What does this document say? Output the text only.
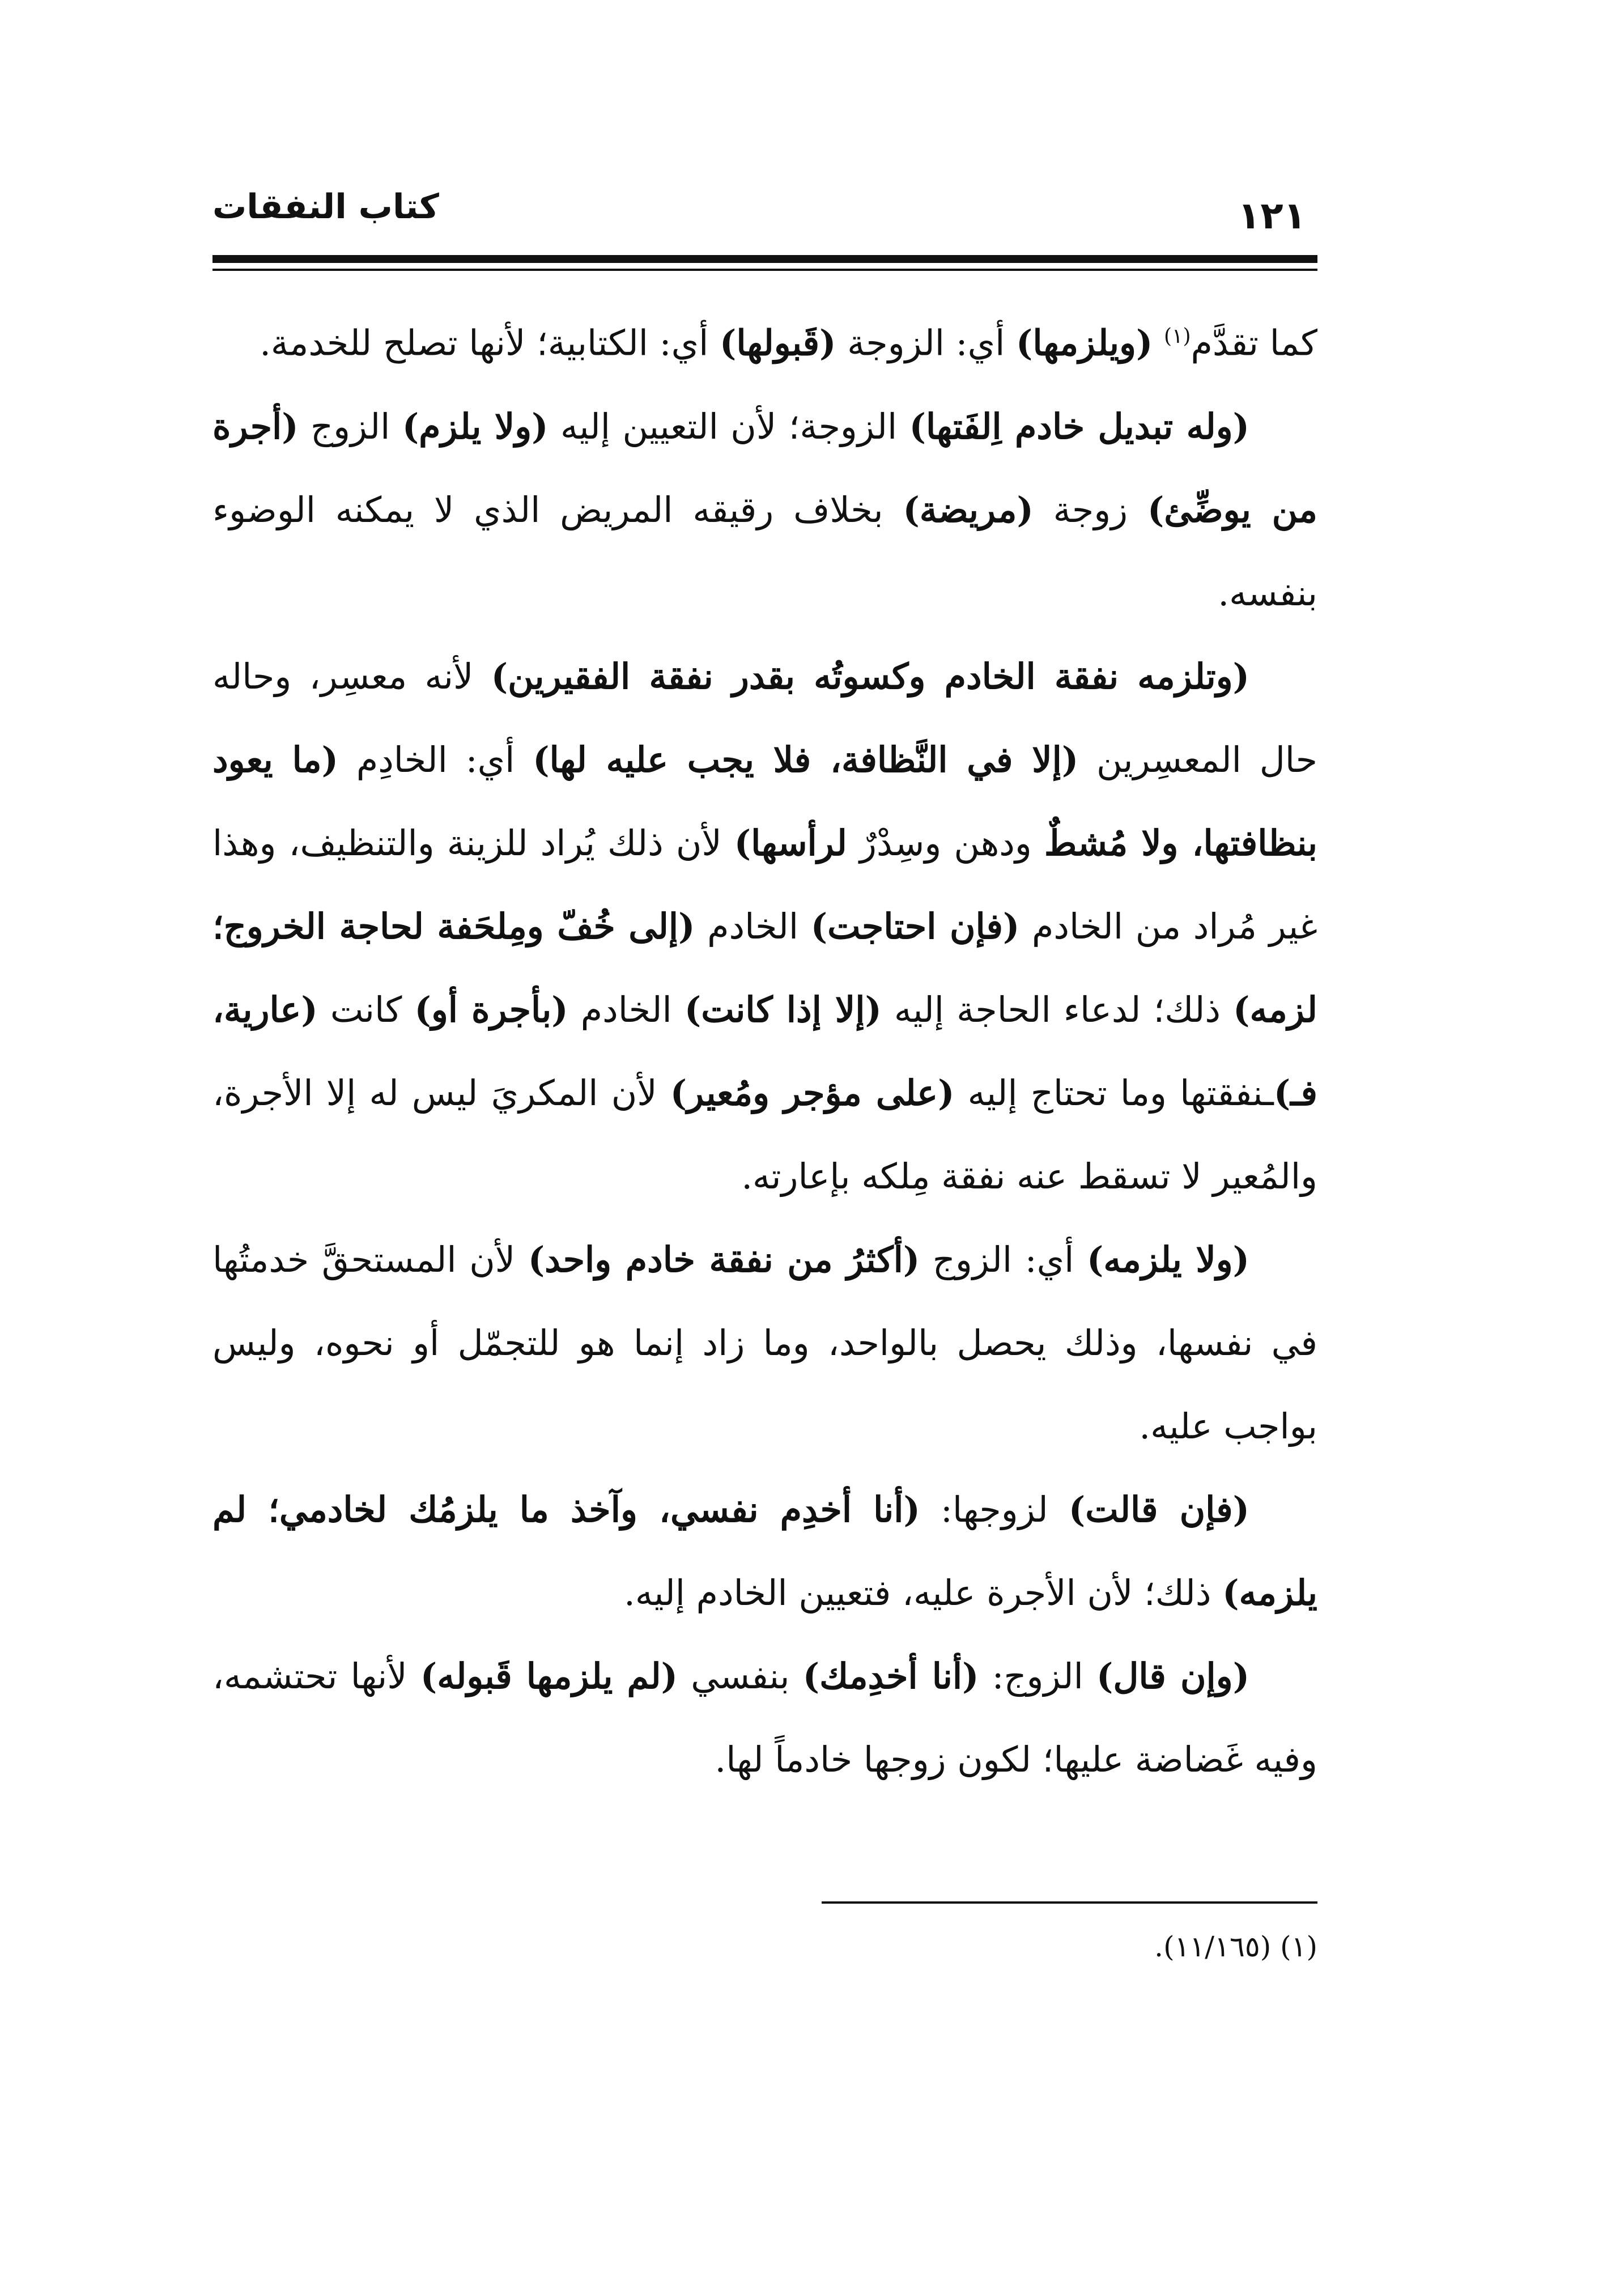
كتاب النفقات	١٢١

كما تقدَّم$^{(١)}$ (ويلزمها) أي: الزوجة (قَبولها) أي: الكتابية؛ لأنها تصلح للخدمة.

(وله تبديل خادم اِلفَتها) الزوجة؛ لأن التعيين إليه (ولا يلزم) الزوج (أجرة من يوضِّئ) زوجة (مريضة) بخلاف رقيقه المريض الذي لا يمكنه الوضوء بنفسه.

(وتلزمه نفقة الخادم وكسوتُه بقدر نفقة الفقيرين) لأنه معسِر، وحاله حال المعسِرين (إلا في النَّظافة، فلا يجب عليه لها) أي: الخادِم (ما يعود بنظافتها، ولا مُشطٌ ودهن وسِدْرٌ لرأسها) لأن ذلك يُراد للزينة والتنظيف، وهذا غير مُراد من الخادم (فإن احتاجت) الخادم (إلى خُفّ ومِلحَفة لحاجة الخروج؛ لزمه) ذلك؛ لدعاء الحاجة إليه (إلا إذا كانت) الخادم (بأجرة أو) كانت (عارية، فـ)ـنفقتها وما تحتاج إليه (على مؤجر ومُعير) لأن المكريَ ليس له إلا الأجرة، والمُعير لا تسقط عنه نفقة مِلكه بإعارته.

(ولا يلزمه) أي: الزوج (أكثرُ من نفقة خادم واحد) لأن المستحقَّ خدمتُها في نفسها، وذلك يحصل بالواحد، وما زاد إنما هو للتجمّل أو نحوه، وليس بواجب عليه.

(فإن قالت) لزوجها: (أنا أخدِم نفسي، وآخذ ما يلزمُك لخادمي؛ لم يلزمه) ذلك؛ لأن الأجرة عليه، فتعيين الخادم إليه.

(وإن قال) الزوج: (أنا أخدِمك) بنفسي (لم يلزمها قَبوله) لأنها تحتشمه، وفيه غَضاضة عليها؛ لكون زوجها خادماً لها.

(١) (١١/١٦٥).
